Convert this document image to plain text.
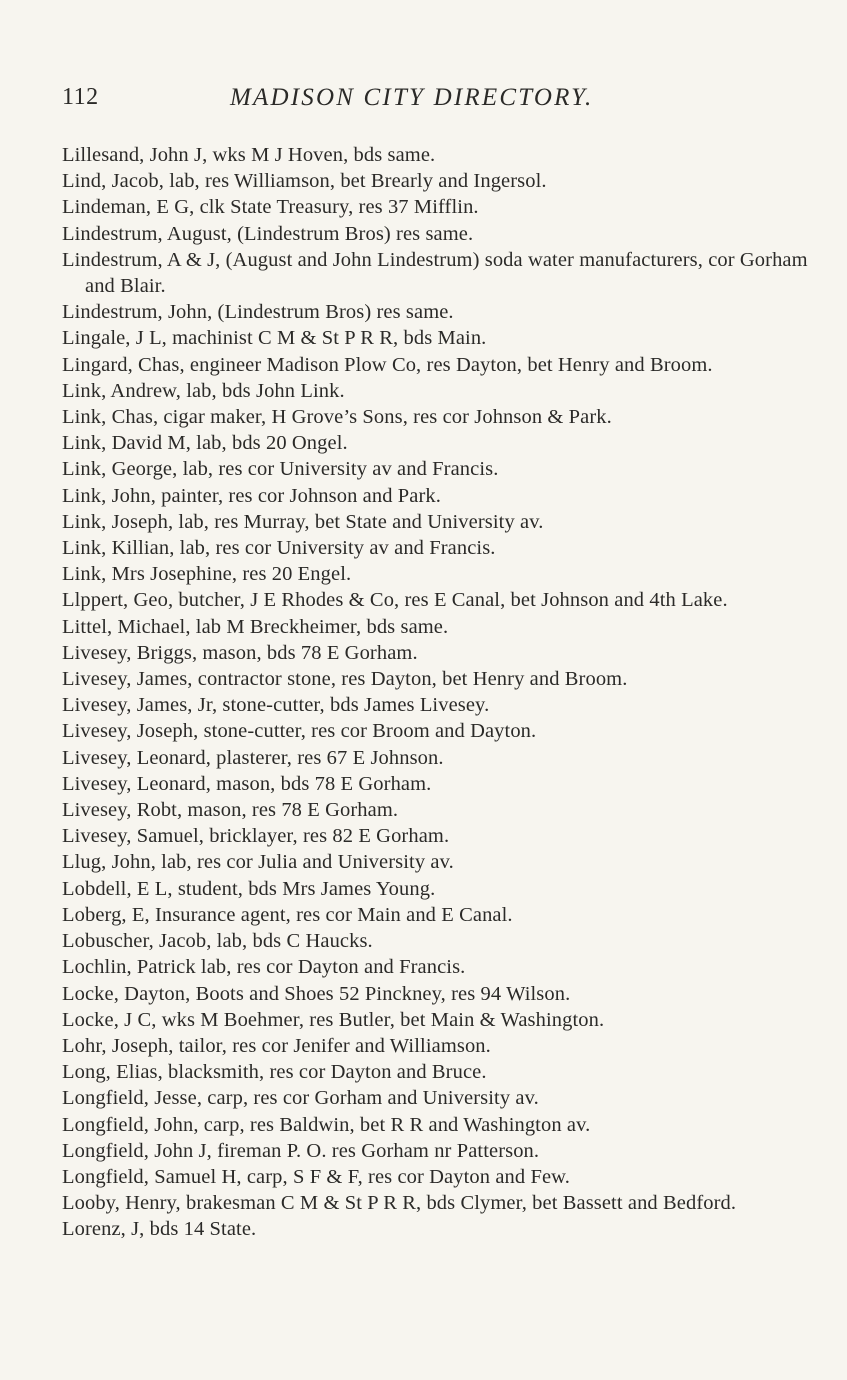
112	MADISON CITY DIRECTORY.
Lillesand, John J, wks M J Hoven, bds same.
Lind, Jacob, lab, res Williamson, bet Brearly and Ingersol.
Lindeman, E G, clk State Treasury, res 37 Mifflin.
Lindestrum, August, (Lindestrum Bros) res same.
Lindestrum, A & J, (August and John Lindestrum) soda water manufacturers, cor Gorham and Blair.
Lindestrum, John, (Lindestrum Bros) res same.
Lingale, J L, machinist C M & St P R R, bds Main.
Lingard, Chas, engineer Madison Plow Co, res Dayton, bet Henry and Broom.
Link, Andrew, lab, bds John Link.
Link, Chas, cigar maker, H Grove’s Sons, res cor Johnson & Park.
Link, David M, lab, bds 20 Ongel.
Link, George, lab, res cor University av and Francis.
Link, John, painter, res cor Johnson and Park.
Link, Joseph, lab, res Murray, bet State and University av.
Link, Killian, lab, res cor University av and Francis.
Link, Mrs Josephine, res 20 Engel.
Llppert, Geo, butcher, J E Rhodes & Co, res E Canal, bet Johnson and 4th Lake.
Littel, Michael, lab M Breckheimer, bds same.
Livesey, Briggs, mason, bds 78 E Gorham.
Livesey, James, contractor stone, res Dayton, bet Henry and Broom.
Livesey, James, Jr, stone-cutter, bds James Livesey.
Livesey, Joseph, stone-cutter, res cor Broom and Dayton.
Livesey, Leonard, plasterer, res 67 E Johnson.
Livesey, Leonard, mason, bds 78 E Gorham.
Livesey, Robt, mason, res 78 E Gorham.
Livesey, Samuel, bricklayer, res 82 E Gorham.
Llug, John, lab, res cor Julia and University av.
Lobdell, E L, student, bds Mrs James Young.
Loberg, E, Insurance agent, res cor Main and E Canal.
Lobuscher, Jacob, lab, bds C Haucks.
Lochlin, Patrick lab, res cor Dayton and Francis.
Locke, Dayton, Boots and Shoes 52 Pinckney, res 94 Wilson.
Locke, J C, wks M Boehmer, res Butler, bet Main & Washington.
Lohr, Joseph, tailor, res cor Jenifer and Williamson.
Long, Elias, blacksmith, res cor Dayton and Bruce.
Longfield, Jesse, carp, res cor Gorham and University av.
Longfield, John, carp, res Baldwin, bet R R and Washington av.
Longfield, John J, fireman P. O. res Gorham nr Patterson.
Longfield, Samuel H, carp, S F & F, res cor Dayton and Few.
Looby, Henry, brakesman C M & St P R R, bds Clymer, bet Bassett and Bedford.
Lorenz, J, bds 14 State.
